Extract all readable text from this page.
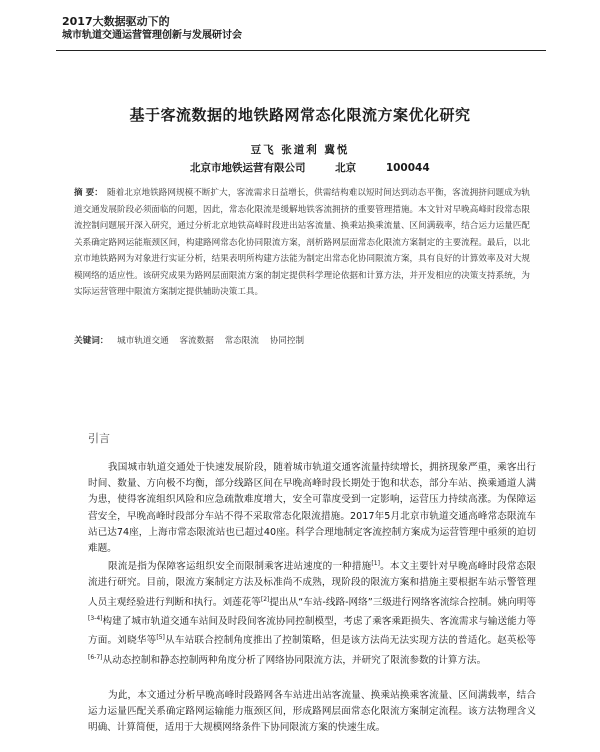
2017大数据驱动下的
城市轨道交通运营管理创新与发展研讨会
基于客流数据的地铁路网常态化限流方案优化研究
豆飞 张道利 冀悦
北京市地铁运营有限公司	北京	100044
摘 要： 随着北京地铁路网规模不断扩大，客流需求日益增长，供需结构难以短时间达到动态平衡，客流拥挤问题成为轨道交通发展阶段必须面临的问题，因此，常态化限流是缓解地铁客流拥挤的重要管理措施。本文针对早晚高峰时段常态限流控制问题展开深入研究，通过分析北京地铁高峰时段进出站客流量、换乘站换乘流量、区间满载率，结合运力运量匹配关系确定路网运能瓶颈区间，构建路网常态化协同限流方案，剖析路网层面常态化限流方案制定的主要流程。最后，以北京市地铁路网为对象进行实证分析，结果表明所构建方法能为制定出常态化协同限流方案，具有良好的计算效率及对大规模网络的适应性。该研究成果为路网层面限流方案的制定提供科学理论依据和计算方法，并开发相应的决策支持系统，为实际运营管理中限流方案制定提供辅助决策工具。
关键词： 城市轨道交通 客流数据 常态限流 协同控制
引言

我国城市轨道交通处于快速发展阶段，随着城市轨道交通客流量持续增长，拥挤现象严重，乘客出行时间、数量、方向极不均衡，部分线路区间在早晚高峰时段长期处于饱和状态，部分车站、换乘通道人满为患，使得客流组织风险和应急疏散难度增大，安全可靠度受到一定影响，运营压力持续高涨。为保障运营安全，早晚高峰时段部分车站不得不采取常态化限流措施。2017年5月北京市轨道交通高峰常态限流车站已达74座，上海市常态限流站也已超过40座。科学合理地制定客流控制方案成为运营管理中亟须的迫切难题。

限流是指为保障客运组织安全而限制乘客进站速度的一种措施[1]。本文主要针对早晚高峰时段常态限流进行研究。目前，限流方案制定方法及标准尚不成熟，现阶段的限流方案和措施主要根据车站示警管理人员主观经验进行判断和执行。刘莲花等[2]提出从“车站-线路-网络”三级进行网络客流综合控制。姚向明等[3-4]构建了城市轨道交通车站间及时段间客流协同控制模型，考虑了乘客乘距损失、客流需求与输送能力等方面。刘晓华等[5]从车站联合控制角度推出了控制策略，但是该方法尚无法实现方法的普适化。赵英松等[6-7]从动态控制和静态控制两种角度分析了网络协同限流方法，并研究了限流参数的计算方法。

为此，本文通过分析早晚高峰时段路网各车站进出站客流量、换乘站换乘客流量、区间满载率，结合运力运量匹配关系确定路网运输能力瓶颈区间，形成路网层面常态化限流方案制定流程。该方法物理含义明确、计算简便，适用于大规模网络条件下协同限流方案的快速生成。
